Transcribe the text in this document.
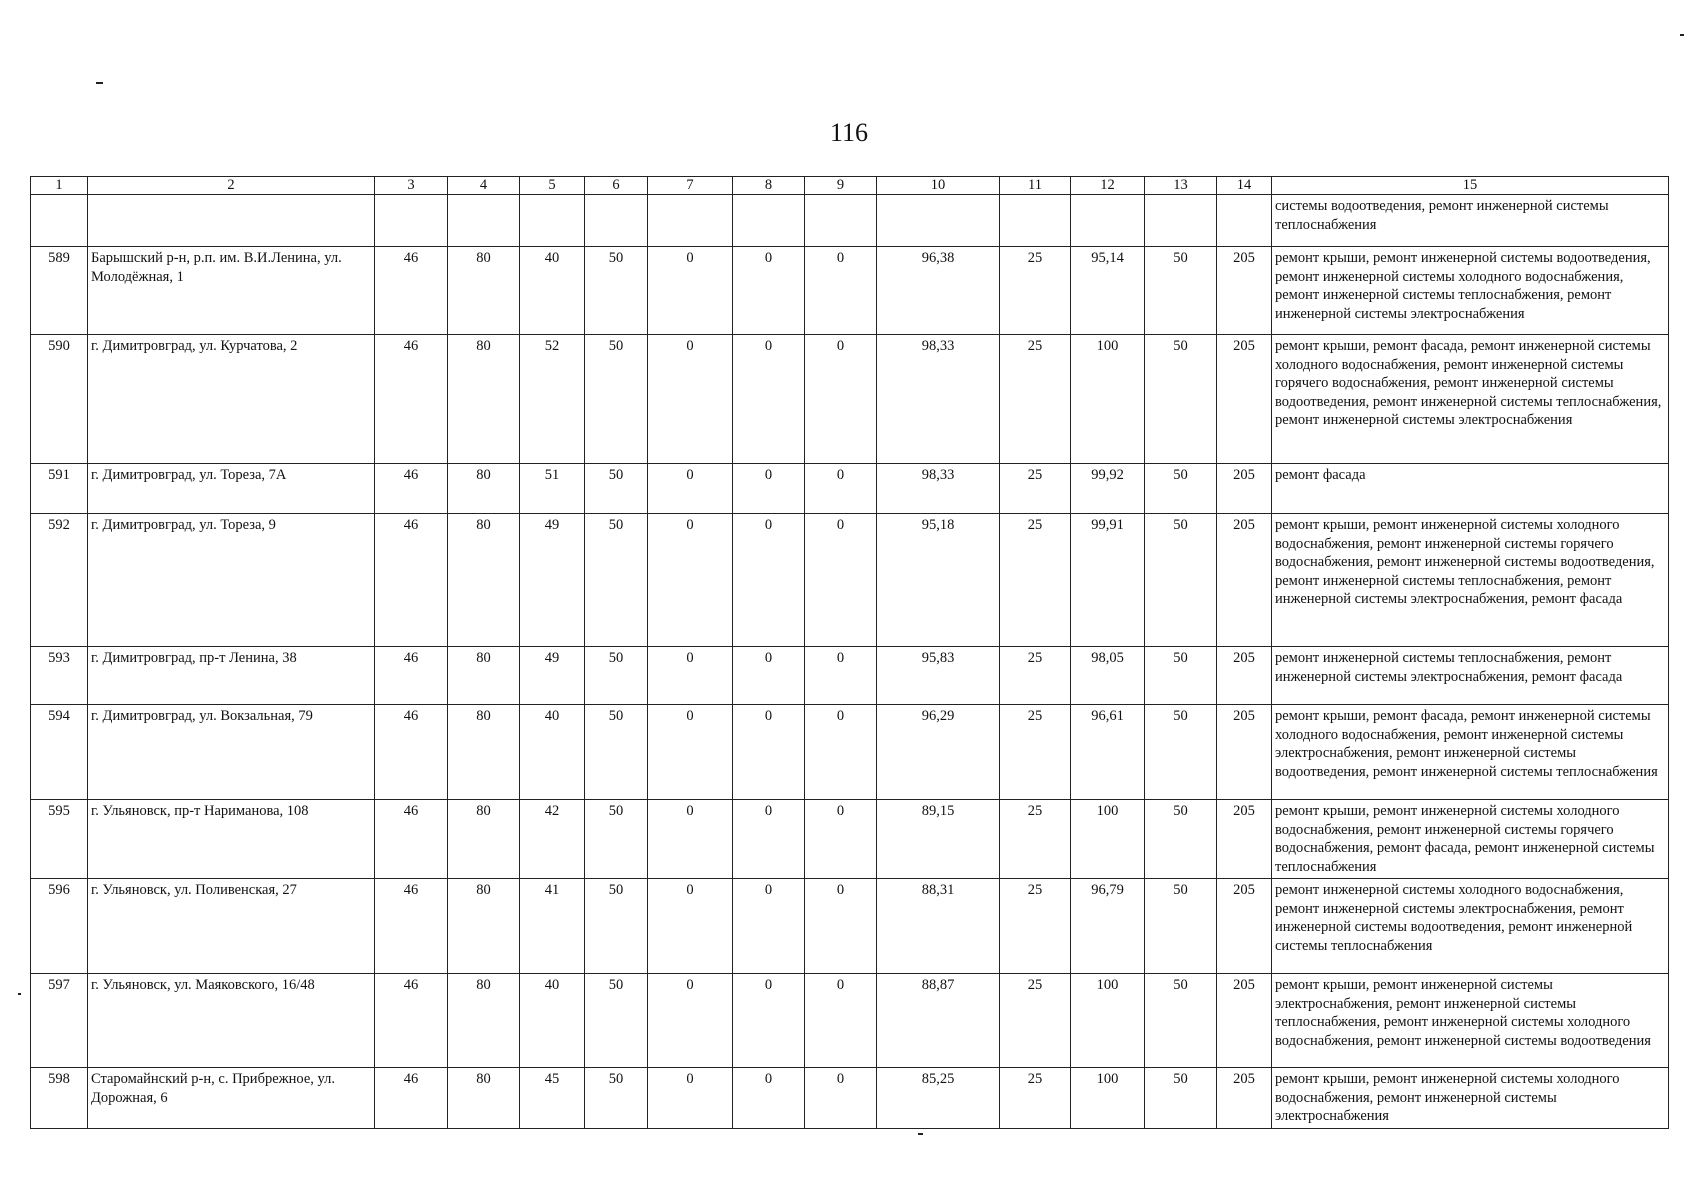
116
1	2	3	4	5	6	7	8	9	10	11	12	13	14	15
														системы водоотведения, ремонт инженерной системы теплоснабжения
589	Барышский р-н, р.п. им. В.И.Ленина, ул. Молодёжная, 1	46	80	40	50	0	0	0	96,38	25	95,14	50	205	ремонт крыши, ремонт инженерной системы водоотведения, ремонт инженерной системы холодного водоснабжения, ремонт инженерной системы теплоснабжения, ремонт инженерной системы электроснабжения
590	г. Димитровград, ул. Курчатова, 2	46	80	52	50	0	0	0	98,33	25	100	50	205	ремонт крыши, ремонт фасада, ремонт инженерной системы холодного водоснабжения, ремонт инженерной системы горячего водоснабжения, ремонт инженерной системы водоотведения, ремонт инженерной системы теплоснабжения, ремонт инженерной системы электроснабжения
591	г. Димитровград, ул. Тореза, 7А	46	80	51	50	0	0	0	98,33	25	99,92	50	205	ремонт фасада
592	г. Димитровград, ул. Тореза, 9	46	80	49	50	0	0	0	95,18	25	99,91	50	205	ремонт крыши, ремонт инженерной системы холодного водоснабжения, ремонт инженерной системы горячего водоснабжения, ремонт инженерной системы водоотведения, ремонт инженерной системы теплоснабжения, ремонт инженерной системы электроснабжения, ремонт фасада
593	г. Димитровград, пр-т Ленина, 38	46	80	49	50	0	0	0	95,83	25	98,05	50	205	ремонт инженерной системы теплоснабжения, ремонт инженерной системы электроснабжения, ремонт фасада
594	г. Димитровград, ул. Вокзальная, 79	46	80	40	50	0	0	0	96,29	25	96,61	50	205	ремонт крыши, ремонт фасада, ремонт инженерной системы холодного водоснабжения, ремонт инженерной системы электроснабжения, ремонт инженерной системы водоотведения, ремонт инженерной системы теплоснабжения
595	г. Ульяновск, пр-т Нариманова, 108	46	80	42	50	0	0	0	89,15	25	100	50	205	ремонт крыши, ремонт инженерной системы холодного водоснабжения, ремонт инженерной системы горячего водоснабжения, ремонт фасада, ремонт инженерной системы теплоснабжения
596	г. Ульяновск, ул. Поливенская, 27	46	80	41	50	0	0	0	88,31	25	96,79	50	205	ремонт инженерной системы холодного водоснабжения, ремонт инженерной системы электроснабжения, ремонт инженерной системы водоотведения, ремонт инженерной системы теплоснабжения
597	г. Ульяновск, ул. Маяковского, 16/48	46	80	40	50	0	0	0	88,87	25	100	50	205	ремонт крыши, ремонт инженерной системы электроснабжения, ремонт инженерной системы теплоснабжения, ремонт инженерной системы холодного водоснабжения, ремонт инженерной системы водоотведения
598	Старомайнский р-н, с. Прибрежное, ул. Дорожная, 6	46	80	45	50	0	0	0	85,25	25	100	50	205	ремонт крыши, ремонт инженерной системы холодного водоснабжения, ремонт инженерной системы электроснабжения
